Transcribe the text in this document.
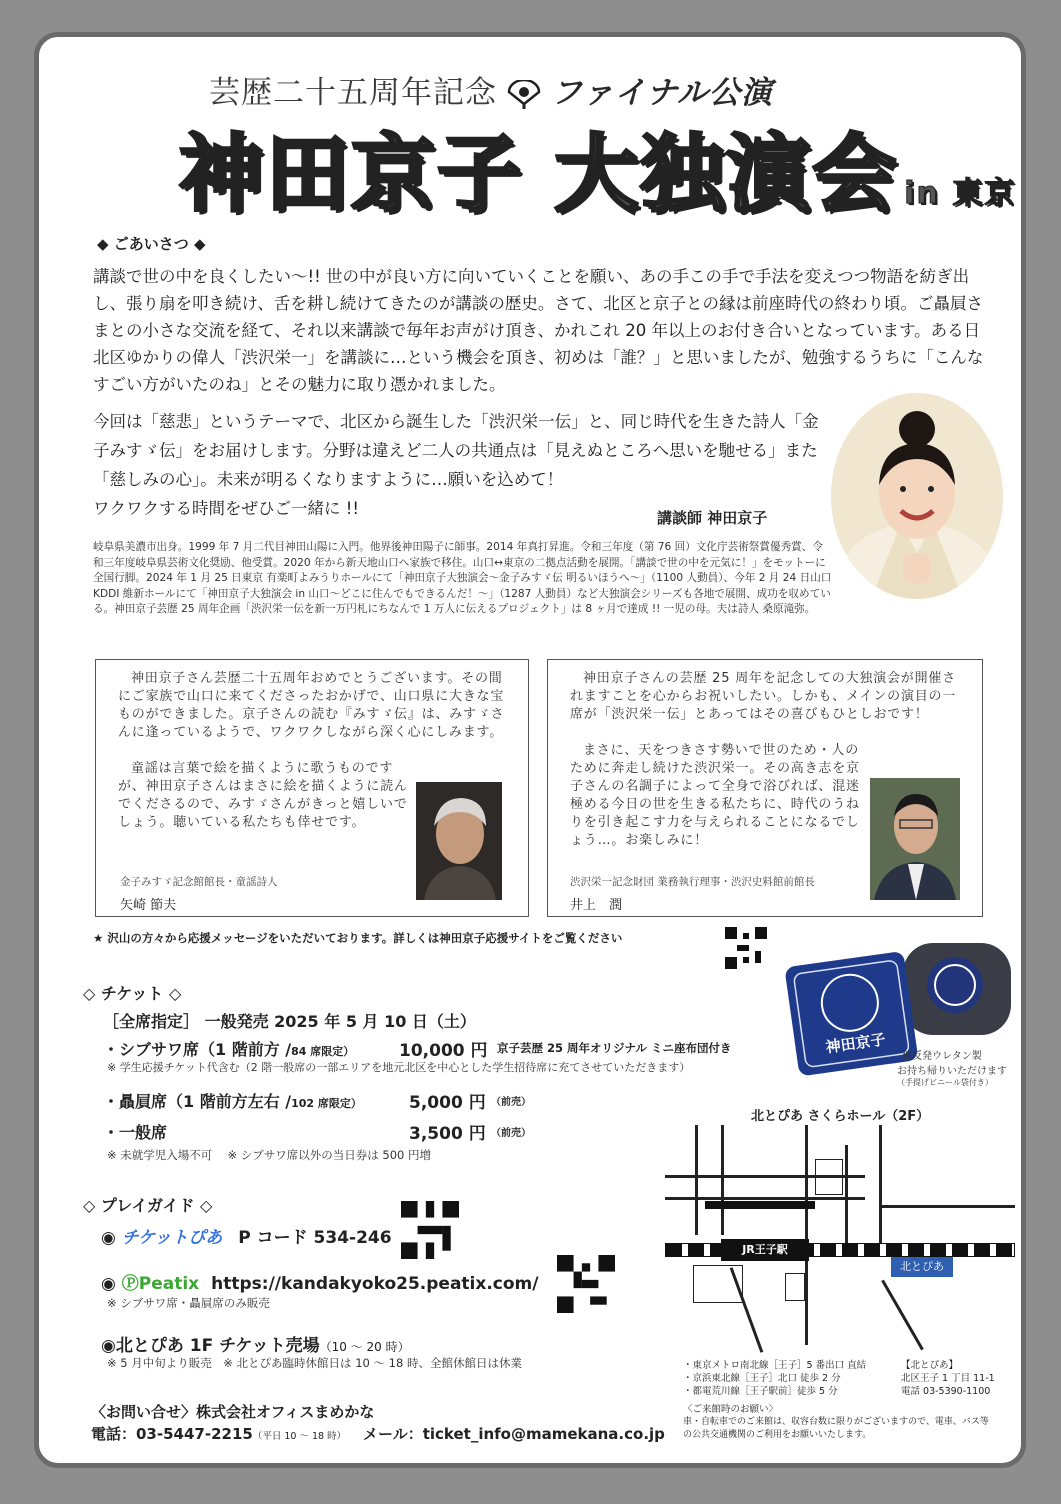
芸歴二十五周年記念 ファイナル公演
神田京子 大独演会 in 東京
◆ ごあいさつ ◆
講談で世の中を良くしたい～!! 世の中が良い方に向いていくことを願い、あの手この手で手法を変えつつ物語を紡ぎ出し、張り扇を叩き続け、舌を耕し続けてきたのが講談の歴史。さて、北区と京子との縁は前座時代の終わり頃。ご贔屓さまとの小さな交流を経て、それ以来講談で毎年お声がけ頂き、かれこれ 20 年以上のお付き合いとなっています。ある日北区ゆかりの偉人「渋沢栄一」を講談に…という機会を頂き、初めは「誰？」と思いましたが、勉強するうちに「こんなすごい方がいたのね」とその魅力に取り憑かれました。
今回は「慈悲」というテーマで、北区から誕生した「渋沢栄一伝」と、同じ時代を生きた詩人「金子みすゞ伝」をお届けします。分野は違えど二人の共通点は「見えぬところへ思いを馳せる」また「慈しみの心」。未来が明るくなりますように…願いを込めて！
ワクワクする時間をぜひご一緒に !!	講談師 神田京子
岐阜県美濃市出身。1999 年 7 月二代目神田山陽に入門。他界後神田陽子に師事。2014 年真打昇進。令和三年度（第 76 回）文化庁芸術祭賞優秀賞、令和三年度岐阜県芸術文化奨励、他受賞。2020 年から新天地山口へ家族で移住。山口↔東京の二拠点活動を展開。「講談で世の中を元気に！」をモットーに全国行脚。2024 年 1 月 25 日東京 有楽町よみうりホールにて「神田京子大独演会～金子みすゞ伝 明るいほうへ～」（1100 人動員）、今年 2 月 24 日山口 KDDI 維新ホールにて「神田京子大独演会 in 山口～どこに住んでもできるんだ！～」（1287 人動員）など大独演会シリーズも各地で展開、成功を収めている。神田京子芸歴 25 周年企画「渋沢栄一伝を新一万円札にちなんで 1 万人に伝えるプロジェクト」は 8 ヶ月で達成 !! 一児の母。夫は詩人 桑原滝弥。
神田京子さん芸歴二十五周年おめでとうございます。その間にご家族で山口に来てくださったおかげで、山口県に大きな宝ものができました。京子さんの読む『みすゞ伝』は、みすゞさんに逢っているようで、ワクワクしながら深く心にしみます。
童謡は言葉で絵を描くように歌うものですが、神田京子さんはまさに絵を描くように読んでくださるので、みすゞさんがきっと嬉しいでしょう。聴いている私たちも倖せです。
金子みすゞ記念館館長・童謡詩人
矢崎 節夫
神田京子さんの芸歴 25 周年を記念しての大独演会が開催されますことを心からお祝いしたい。しかも、メインの演目の一席が「渋沢栄一伝」とあってはその喜びもひとしおです！
まさに、天をつきさす勢いで世のため・人のために奔走し続けた渋沢栄一。その高き志を京子さんの名調子によって全身で浴びれば、混迷極める今日の世を生きる私たちに、時代のうねりを引き起こす力を与えられることになるでしょう…。お楽しみに！
渋沢栄一記念財団 業務執行理事・渋沢史料館前館長
井上　潤
★ 沢山の方々から応援メッセージをいただいております。詳しくは神田京子応援サイトをご覧ください
◇ チケット ◇
［全席指定］ 一般発売 2025 年 5 月 10 日（土）
・シブサワ席（1 階前方 /84 席限定）	10,000 円 京子芸歴 25 周年オリジナル ミニ座布団付き
※ 学生応援チケット代含む（2 階一般席の一部エリアを地元北区を中心とした学生招待席に充てさせていただきます）
・贔屓席（1 階前方左右 /102 席限定）	5,000 円 （前売）
・一般席	3,500 円 （前売）
※ 未就学児入場不可　 ※ シブサワ席以外の当日券は 500 円増
神田京子
低反発ウレタン製
お持ち帰りいただけます
（手提げビニール袋付き）
◇ プレイガイド ◇
◉ チケットぴあ P コード 534-246
◉ ⓅPeatix https://kandakyoko25.peatix.com/
※ シブサワ席・贔屓席のみ販売
◉北とぴあ 1F チケット売場（10 ～ 20 時）
※ 5 月中旬より販売　※ 北とぴあ臨時休館日は 10 ～ 18 時、全館休館日は休業
〈お問い合せ〉株式会社オフィスまめかな
電話：03-5447-2215（平日 10 ～ 18 時） メール：ticket_info@mamekana.co.jp
北とぴあ さくらホール（2F）
JR王子駅
北とぴあ
・東京メトロ南北線［王子］5 番出口 直結
・京浜東北線［王子］北口 徒歩 2 分
・都電荒川線［王子駅前］徒歩 5 分
【北とぴあ】
北区王子 1 丁目 11-1
電話 03-5390-1100
〈ご来館時のお願い〉
車・自転車でのご来館は、収容台数に限りがございますので、電車、バス等の公共交通機関のご利用をお願いいたします。
